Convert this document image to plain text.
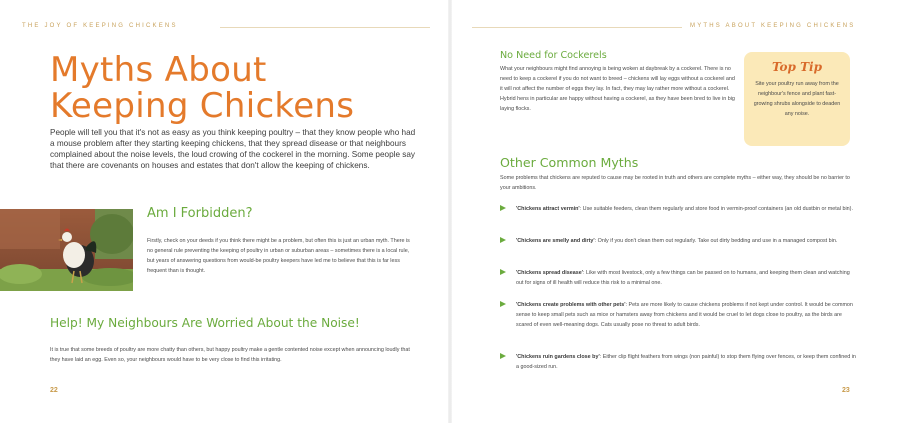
THE JOY OF KEEPING CHICKENS
Myths About
Keeping Chickens
People will tell you that it's not as easy as you think keeping poultry – that they know people who had a mouse problem after they starting keeping chickens, that they spread disease or that neighbours complained about the noise levels, the loud crowing of the cockerel in the morning. Some people say that there are covenants on houses and estates that don't allow the keeping of chickens.
Am I Forbidden?
Firstly, check on your deeds if you think there might be a problem, but often this is just an urban myth. There is no general rule preventing the keeping of poultry in urban or suburban areas – sometimes there is a local rule, but years of answering questions from would-be poultry keepers have led me to believe that this is far less frequent than is thought.
Help! My Neighbours Are Worried About the Noise!
It is true that some breeds of poultry are more chatty than others, but happy poultry make a gentle contented noise except when announcing loudly that they have laid an egg. Even so, your neighbours would have to be very close to find this irritating.
22
MYTHS ABOUT KEEPING CHICKENS
No Need for Cockerels
What your neighbours might find annoying is being woken at daybreak by a cockerel. There is no need to keep a cockerel if you do not want to breed – chickens will lay eggs without a cockerel and it will not affect the number of eggs they lay. In fact, they may lay rather more without a cockerel. Hybrid hens in particular are happy without having a cockerel, as they have been bred to live in big laying flocks.
Top Tip
Site your poultry run away from the neighbour's fence and plant fast-growing shrubs alongside to deaden any noise.
Other Common Myths
Some problems that chickens are reputed to cause may be rooted in truth and others are complete myths – either way, they should be no barrier to your ambitions.
'Chickens attract vermin': Use suitable feeders, clean them regularly and store food in vermin-proof containers (an old dustbin or metal bin).
'Chickens are smelly and dirty': Only if you don't clean them out regularly. Take out dirty bedding and use in a managed compost bin.
'Chickens spread disease': Like with most livestock, only a few things can be passed on to humans, and keeping them clean and watching out for signs of ill health will reduce this risk to a minimal one.
'Chickens create problems with other pets': Pets are more likely to cause chickens problems if not kept under control. It would be common sense to keep small pets such as mice or hamsters away from chickens and it would be cruel to let dogs close to poultry, as the birds are scared of even well-meaning dogs. Cats usually pose no threat to adult birds.
'Chickens ruin gardens close by': Either clip flight feathers from wings (non painful) to stop them flying over fences, or keep them confined in a good-sized run.
23
